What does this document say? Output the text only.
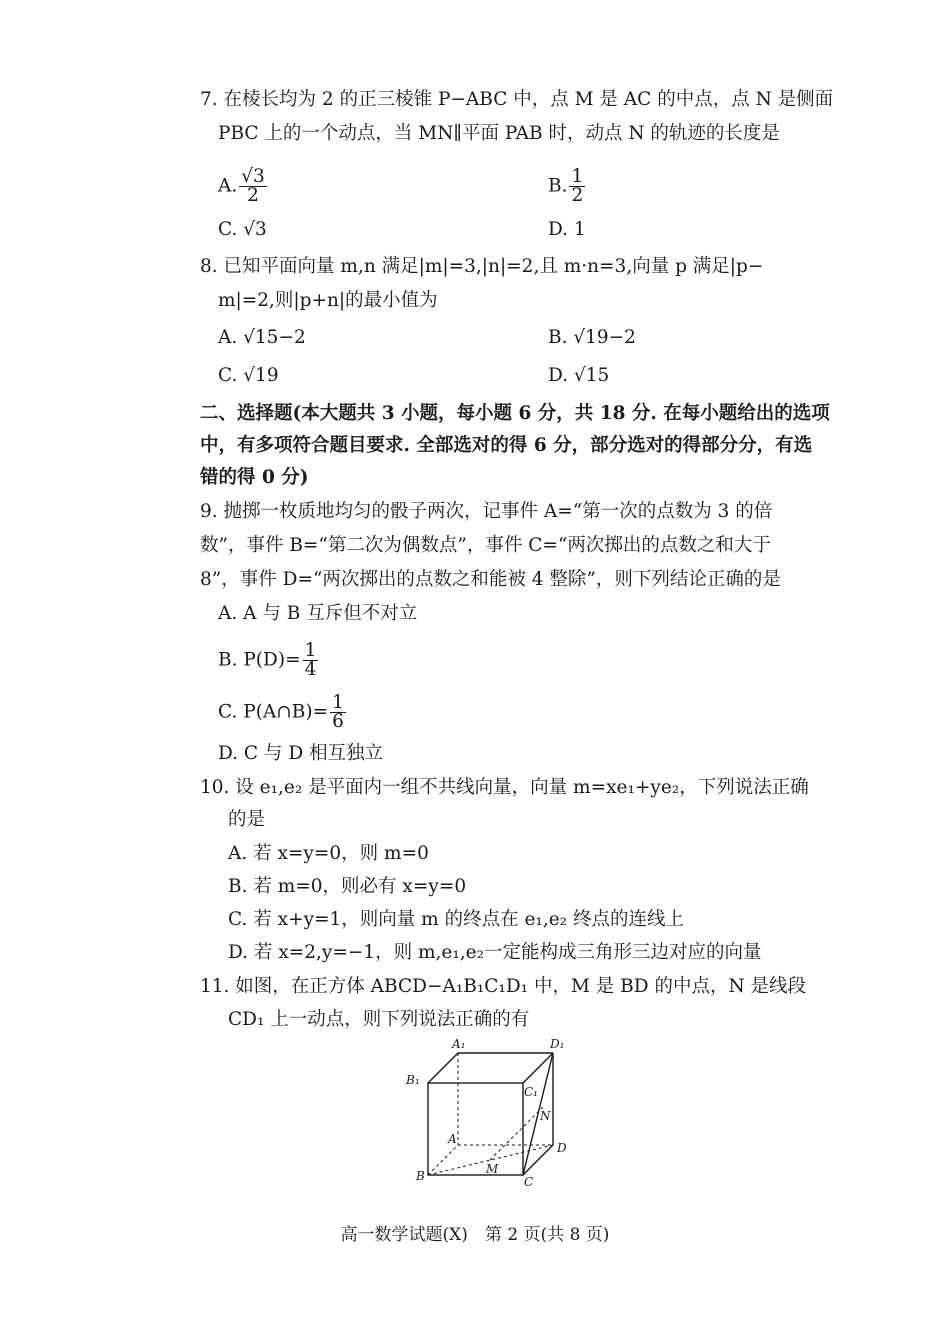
7. 在棱长均为 2 的正三棱锥 P−ABC 中，点 M 是 AC 的中点，点 N 是侧面
PBC 上的一个动点，当 MN∥平面 PAB 时，动点 N 的轨迹的长度是
A. $\frac{√3}{2}$	B. $\frac{1}{2}$
C. √3	D. 1
8. 已知平面向量 m,n 满足|m|=3,|n|=2,且 m·n=3,向量 p 满足|p−
m|=2,则|p+n|的最小值为
A. √15−2	B. √19−2
C. √19	D. √15
二、选择题(本大题共 3 小题，每小题 6 分，共 18 分. 在每小题给出的选项
中，有多项符合题目要求. 全部选对的得 6 分，部分选对的得部分分，有选
错的得 0 分)
9. 抛掷一枚质地均匀的骰子两次，记事件 A=“第一次的点数为 3 的倍
数”，事件 B=“第二次为偶数点”，事件 C=“两次掷出的点数之和大于
8”，事件 D=“两次掷出的点数之和能被 4 整除”，则下列结论正确的是
A. A 与 B 互斥但不对立
B. $P(D)= \frac{1}{4}$
C. P(A∩B)= $\frac{1}{6}$
D. C 与 D 相互独立
10. 设 e₁,e₂ 是平面内一组不共线向量，向量 m=xe₁+ye₂，下列说法正确
的是
A. 若 x=y=0，则 m=0
B. 若 m=0，则必有 x=y=0
C. 若 x+y=1，则向量 m 的终点在 e₁,e₂ 终点的连线上
D. 若 x=2,y=−1，则 m,e₁,e₂一定能构成三角形三边对应的向量
11. 如图，在正方体 ABCD−A₁B₁C₁D₁ 中，M 是 BD 的中点，N 是线段
CD₁ 上一动点，则下列说法正确的有
A₁	D₁
B₁
C₁
N
A
D
M
B	C
高一数学试题(X)　第 2 页(共 8 页)
